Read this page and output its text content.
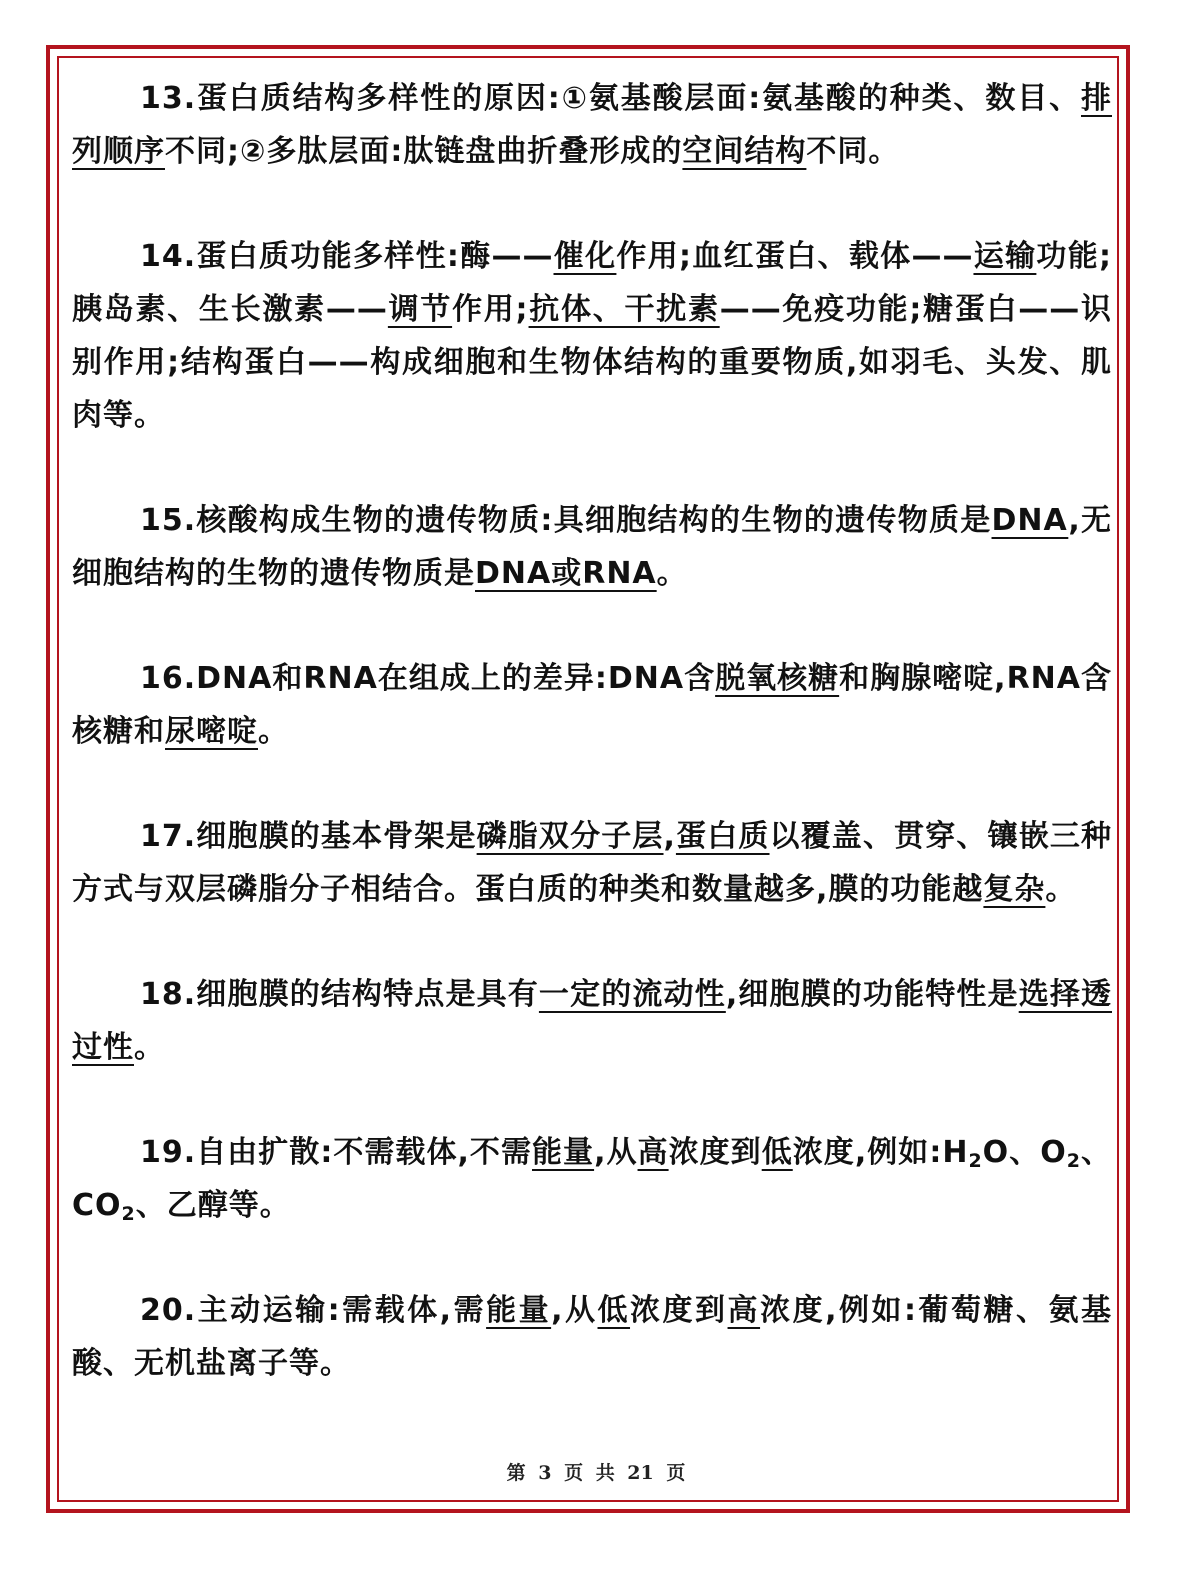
13.蛋白质结构多样性的原因:①氨基酸层面:氨基酸的种类、数目、排列顺序不同;②多肽层面:肽链盘曲折叠形成的空间结构不同。

14.蛋白质功能多样性:酶——催化作用;血红蛋白、载体——运输功能;胰岛素、生长激素——调节作用;抗体、干扰素——免疫功能;糖蛋白——识别作用;结构蛋白——构成细胞和生物体结构的重要物质,如羽毛、头发、肌肉等。

15.核酸构成生物的遗传物质:具细胞结构的生物的遗传物质是DNA,无细胞结构的生物的遗传物质是DNA或RNA。

16.DNA和RNA在组成上的差异:DNA含脱氧核糖和胸腺嘧啶,RNA含核糖和尿嘧啶。

17.细胞膜的基本骨架是磷脂双分子层,蛋白质以覆盖、贯穿、镶嵌三种方式与双层磷脂分子相结合。蛋白质的种类和数量越多,膜的功能越复杂。

18.细胞膜的结构特点是具有一定的流动性,细胞膜的功能特性是选择透过性。

19.自由扩散:不需载体,不需能量,从高浓度到低浓度,例如$:H_2O$、$O_2$、$CO_2$、乙醇等。

20.主动运输:需载体,需能量,从低浓度到高浓度,例如:葡萄糖、氨基酸、无机盐离子等。

第 3 页 共 21 页
